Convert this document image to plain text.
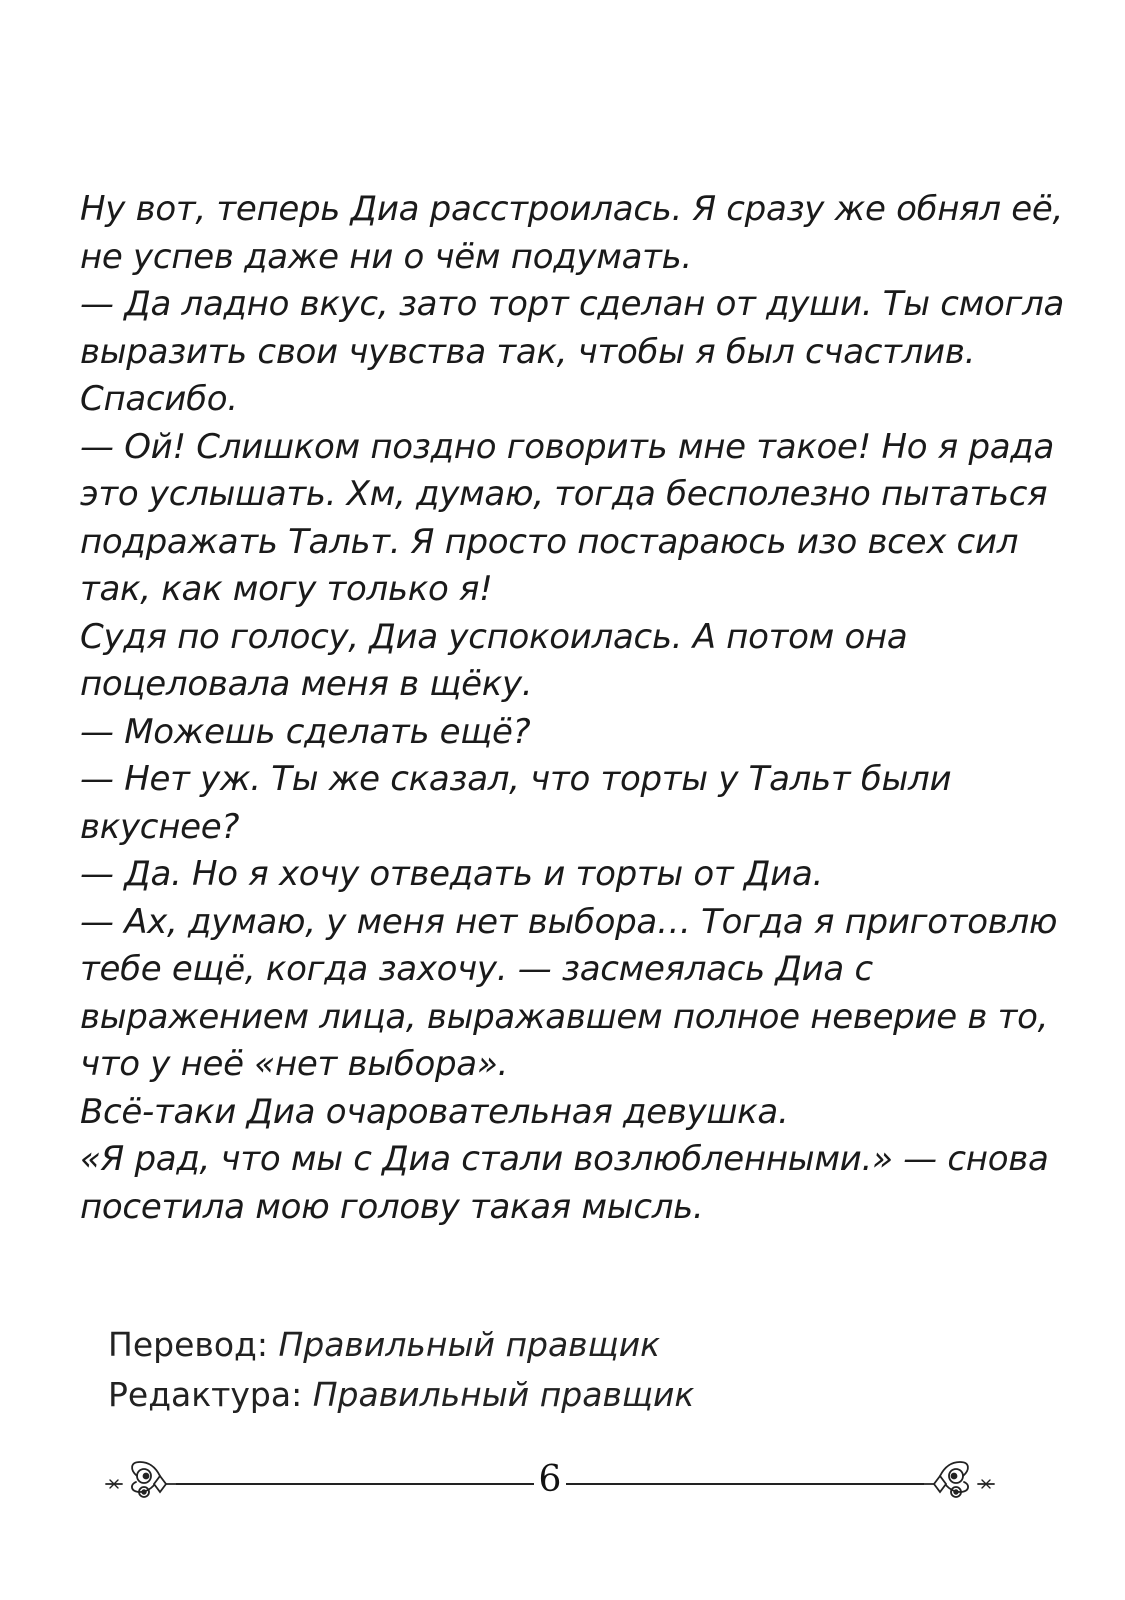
Ну вот, теперь Диа расстроилась. Я сразу же обнял её,
не успев даже ни о чём подумать.
— Да ладно вкус, зато торт сделан от души. Ты смогла
выразить свои чувства так, чтобы я был счастлив.
Спасибо.
— Ой! Слишком поздно говорить мне такое! Но я рада
это услышать. Хм, думаю, тогда бесполезно пытаться
подражать Тальт. Я просто постараюсь изо всех сил
так, как могу только я!
Судя по голосу, Диа успокоилась. А потом она
поцеловала меня в щёку.
— Можешь сделать ещё?
— Нет уж. Ты же сказал, что торты у Тальт были
вкуснее?
— Да. Но я хочу отведать и торты от Диа.
— Ах, думаю, у меня нет выбора… Тогда я приготовлю
тебе ещё, когда захочу. — засмеялась Диа с
выражением лица, выражавшем полное неверие в то,
что у неё «нет выбора».
Всё-таки Диа очаровательная девушка.
«Я рад, что мы с Диа стали возлюбленными.» — снова
посетила мою голову такая мысль.
Перевод: Правильный правщик
Редактура: Правильный правщик
6
